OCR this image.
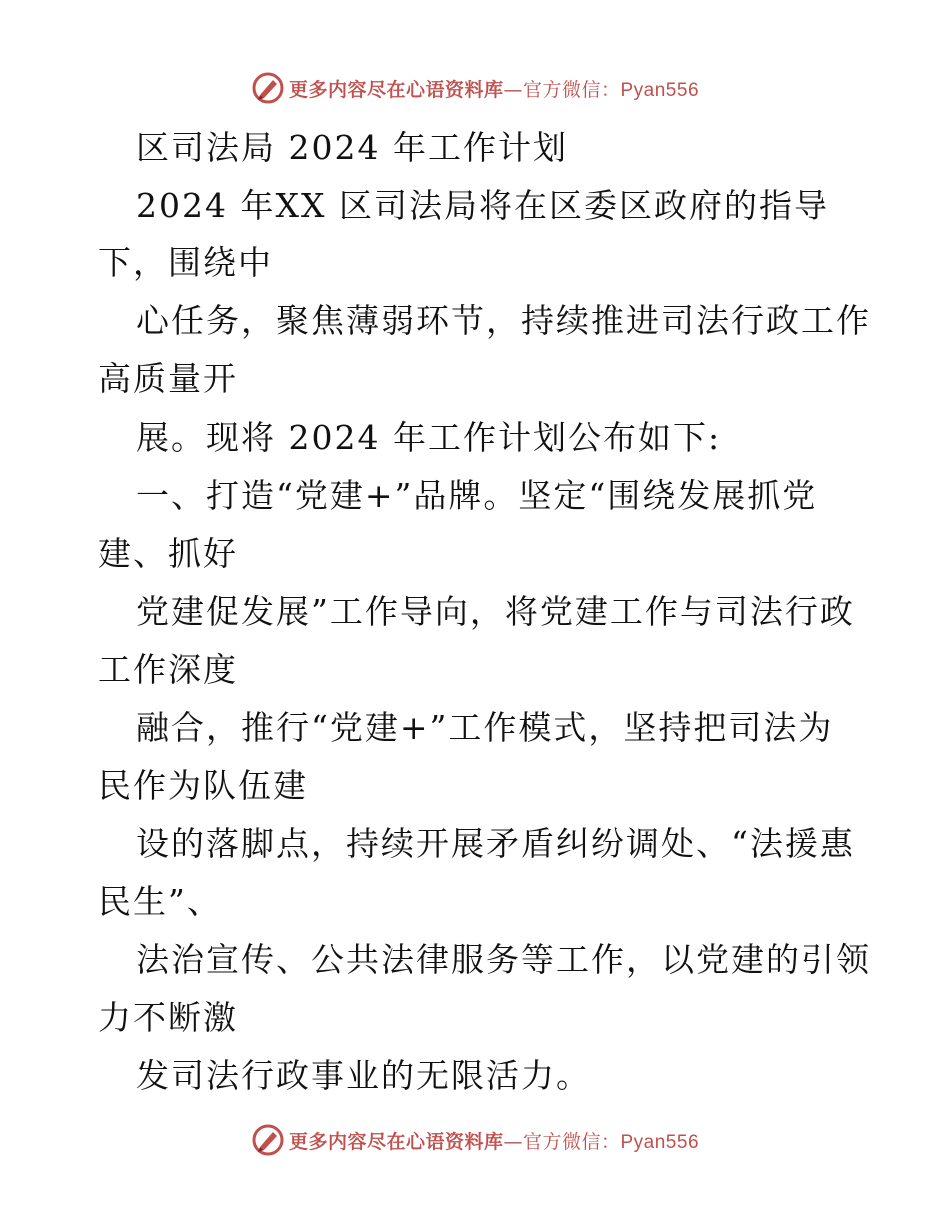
更多内容尽在心语资料库—官方微信：Pyan556
区司法局 2024 年工作计划
2024 年XX 区司法局将在区委区政府的指导
下，围绕中
心任务，聚焦薄弱环节，持续推进司法行政工作
高质量开
展。现将 2024 年工作计划公布如下:
一、打造“党建+”品牌。坚定“围绕发展抓党
建、抓好
党建促发展”工作导向，将党建工作与司法行政
工作深度
融合，推行“党建+”工作模式，坚持把司法为
民作为队伍建
设的落脚点，持续开展矛盾纠纷调处、“法援惠
民生”、
法治宣传、公共法律服务等工作，以党建的引领
力不断激
发司法行政事业的无限活力。
更多内容尽在心语资料库—官方微信：Pyan556
